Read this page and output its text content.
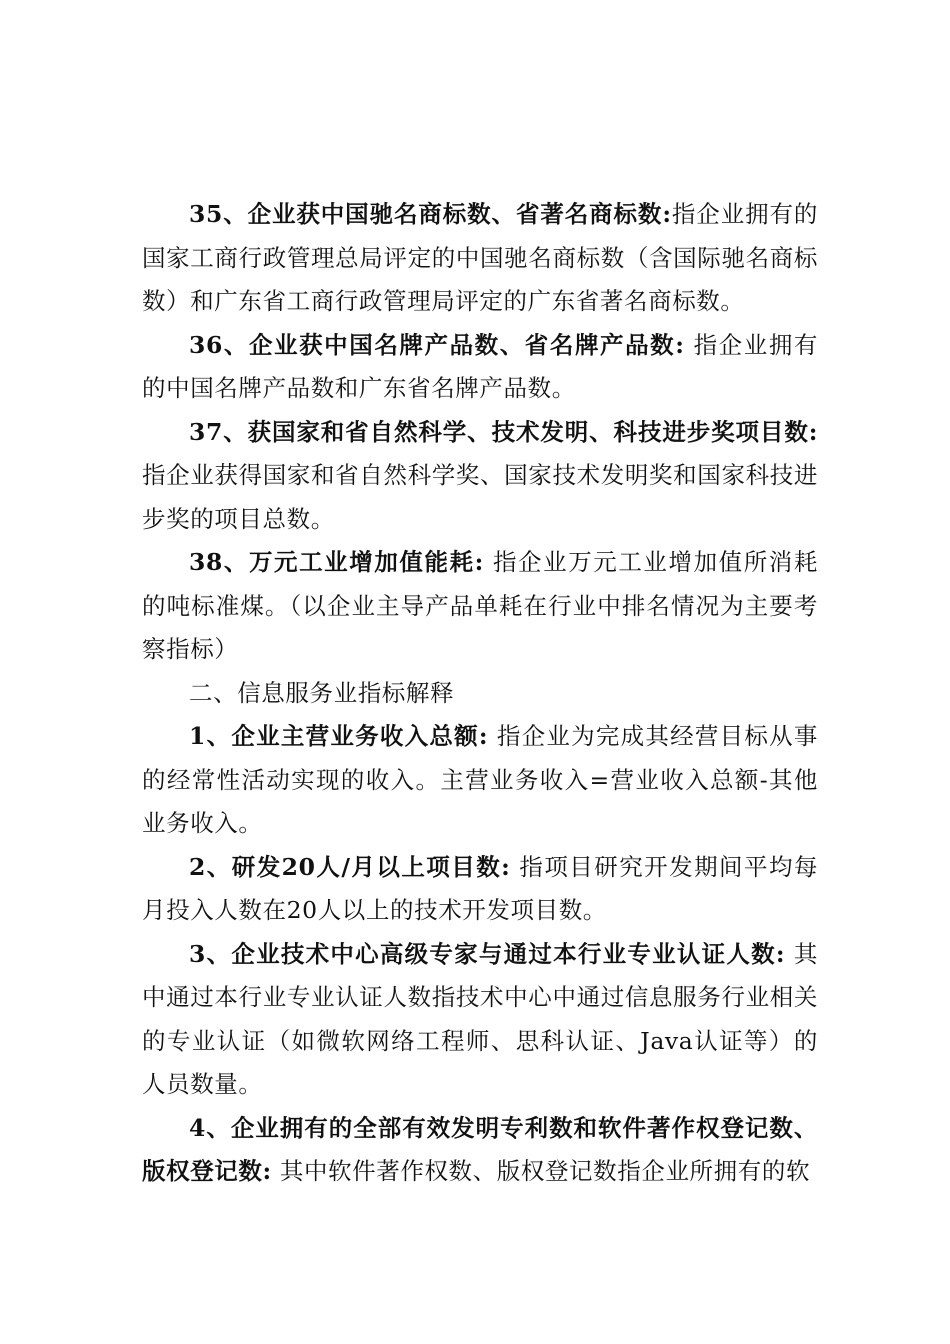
35、企业获中国驰名商标数、省著名商标数:指企业拥有的国家工商行政管理总局评定的中国驰名商标数（含国际驰名商标数）和广东省工商行政管理局评定的广东省著名商标数。

36、企业获中国名牌产品数、省名牌产品数: 指企业拥有的中国名牌产品数和广东省名牌产品数。

37、获国家和省自然科学、技术发明、科技进步奖项目数:指企业获得国家和省自然科学奖、国家技术发明奖和国家科技进步奖的项目总数。

38、万元工业增加值能耗: 指企业万元工业增加值所消耗的吨标准煤。（以企业主导产品单耗在行业中排名情况为主要考察指标）

二、信息服务业指标解释

1、企业主营业务收入总额: 指企业为完成其经营目标从事的经常性活动实现的收入。主营业务收入=营业收入总额-其他业务收入。

2、研发20人/月以上项目数: 指项目研究开发期间平均每月投入人数在20人以上的技术开发项目数。

3、企业技术中心高级专家与通过本行业专业认证人数: 其中通过本行业专业认证人数指技术中心中通过信息服务行业相关的专业认证（如微软网络工程师、思科认证、Java认证等）的人员数量。

4、企业拥有的全部有效发明专利数和软件著作权登记数、版权登记数: 其中软件著作权数、版权登记数指企业所拥有的软
